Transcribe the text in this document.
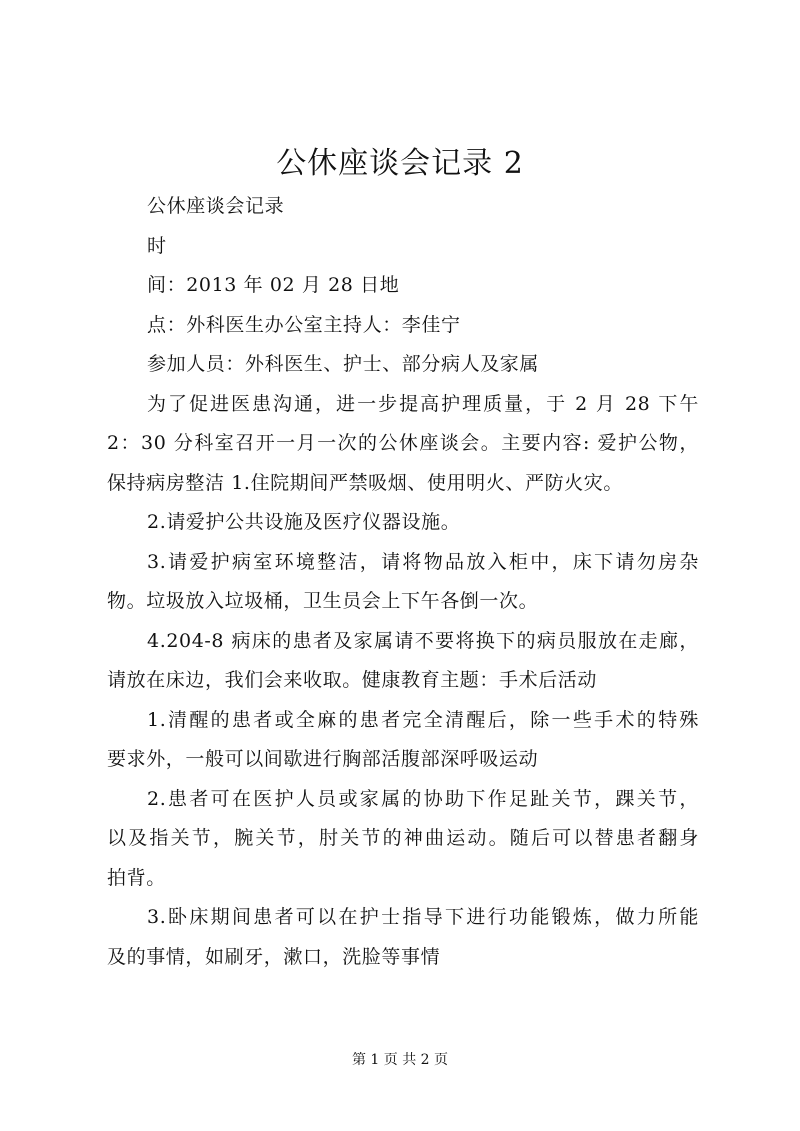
公休座谈会记录 2

公休座谈会记录

时

间：2013 年 02 月 28 日地

点：外科医生办公室主持人：李佳宁

参加人员：外科医生、护士、部分病人及家属

为了促进医患沟通，进一步提高护理质量，于 2 月 28 下午

2：30 分科室召开一月一次的公休座谈会。主要内容: 爱护公物，

保持病房整洁 1.住院期间严禁吸烟、使用明火、严防火灾。

2.请爱护公共设施及医疗仪器设施。

3.请爱护病室环境整洁，请将物品放入柜中，床下请勿房杂

物。垃圾放入垃圾桶，卫生员会上下午各倒一次。

4.204-8 病床的患者及家属请不要将换下的病员服放在走廊，

请放在床边，我们会来收取。健康教育主题：手术后活动

1.清醒的患者或全麻的患者完全清醒后，除一些手术的特殊

要求外，一般可以间歇进行胸部活腹部深呼吸运动

2.患者可在医护人员或家属的协助下作足趾关节，踝关节，

以及指关节，腕关节，肘关节的神曲运动。随后可以替患者翻身

拍背。

3.卧床期间患者可以在护士指导下进行功能锻炼，做力所能

及的事情，如刷牙，漱口，洗脸等事情

第 1 页 共 2 页
